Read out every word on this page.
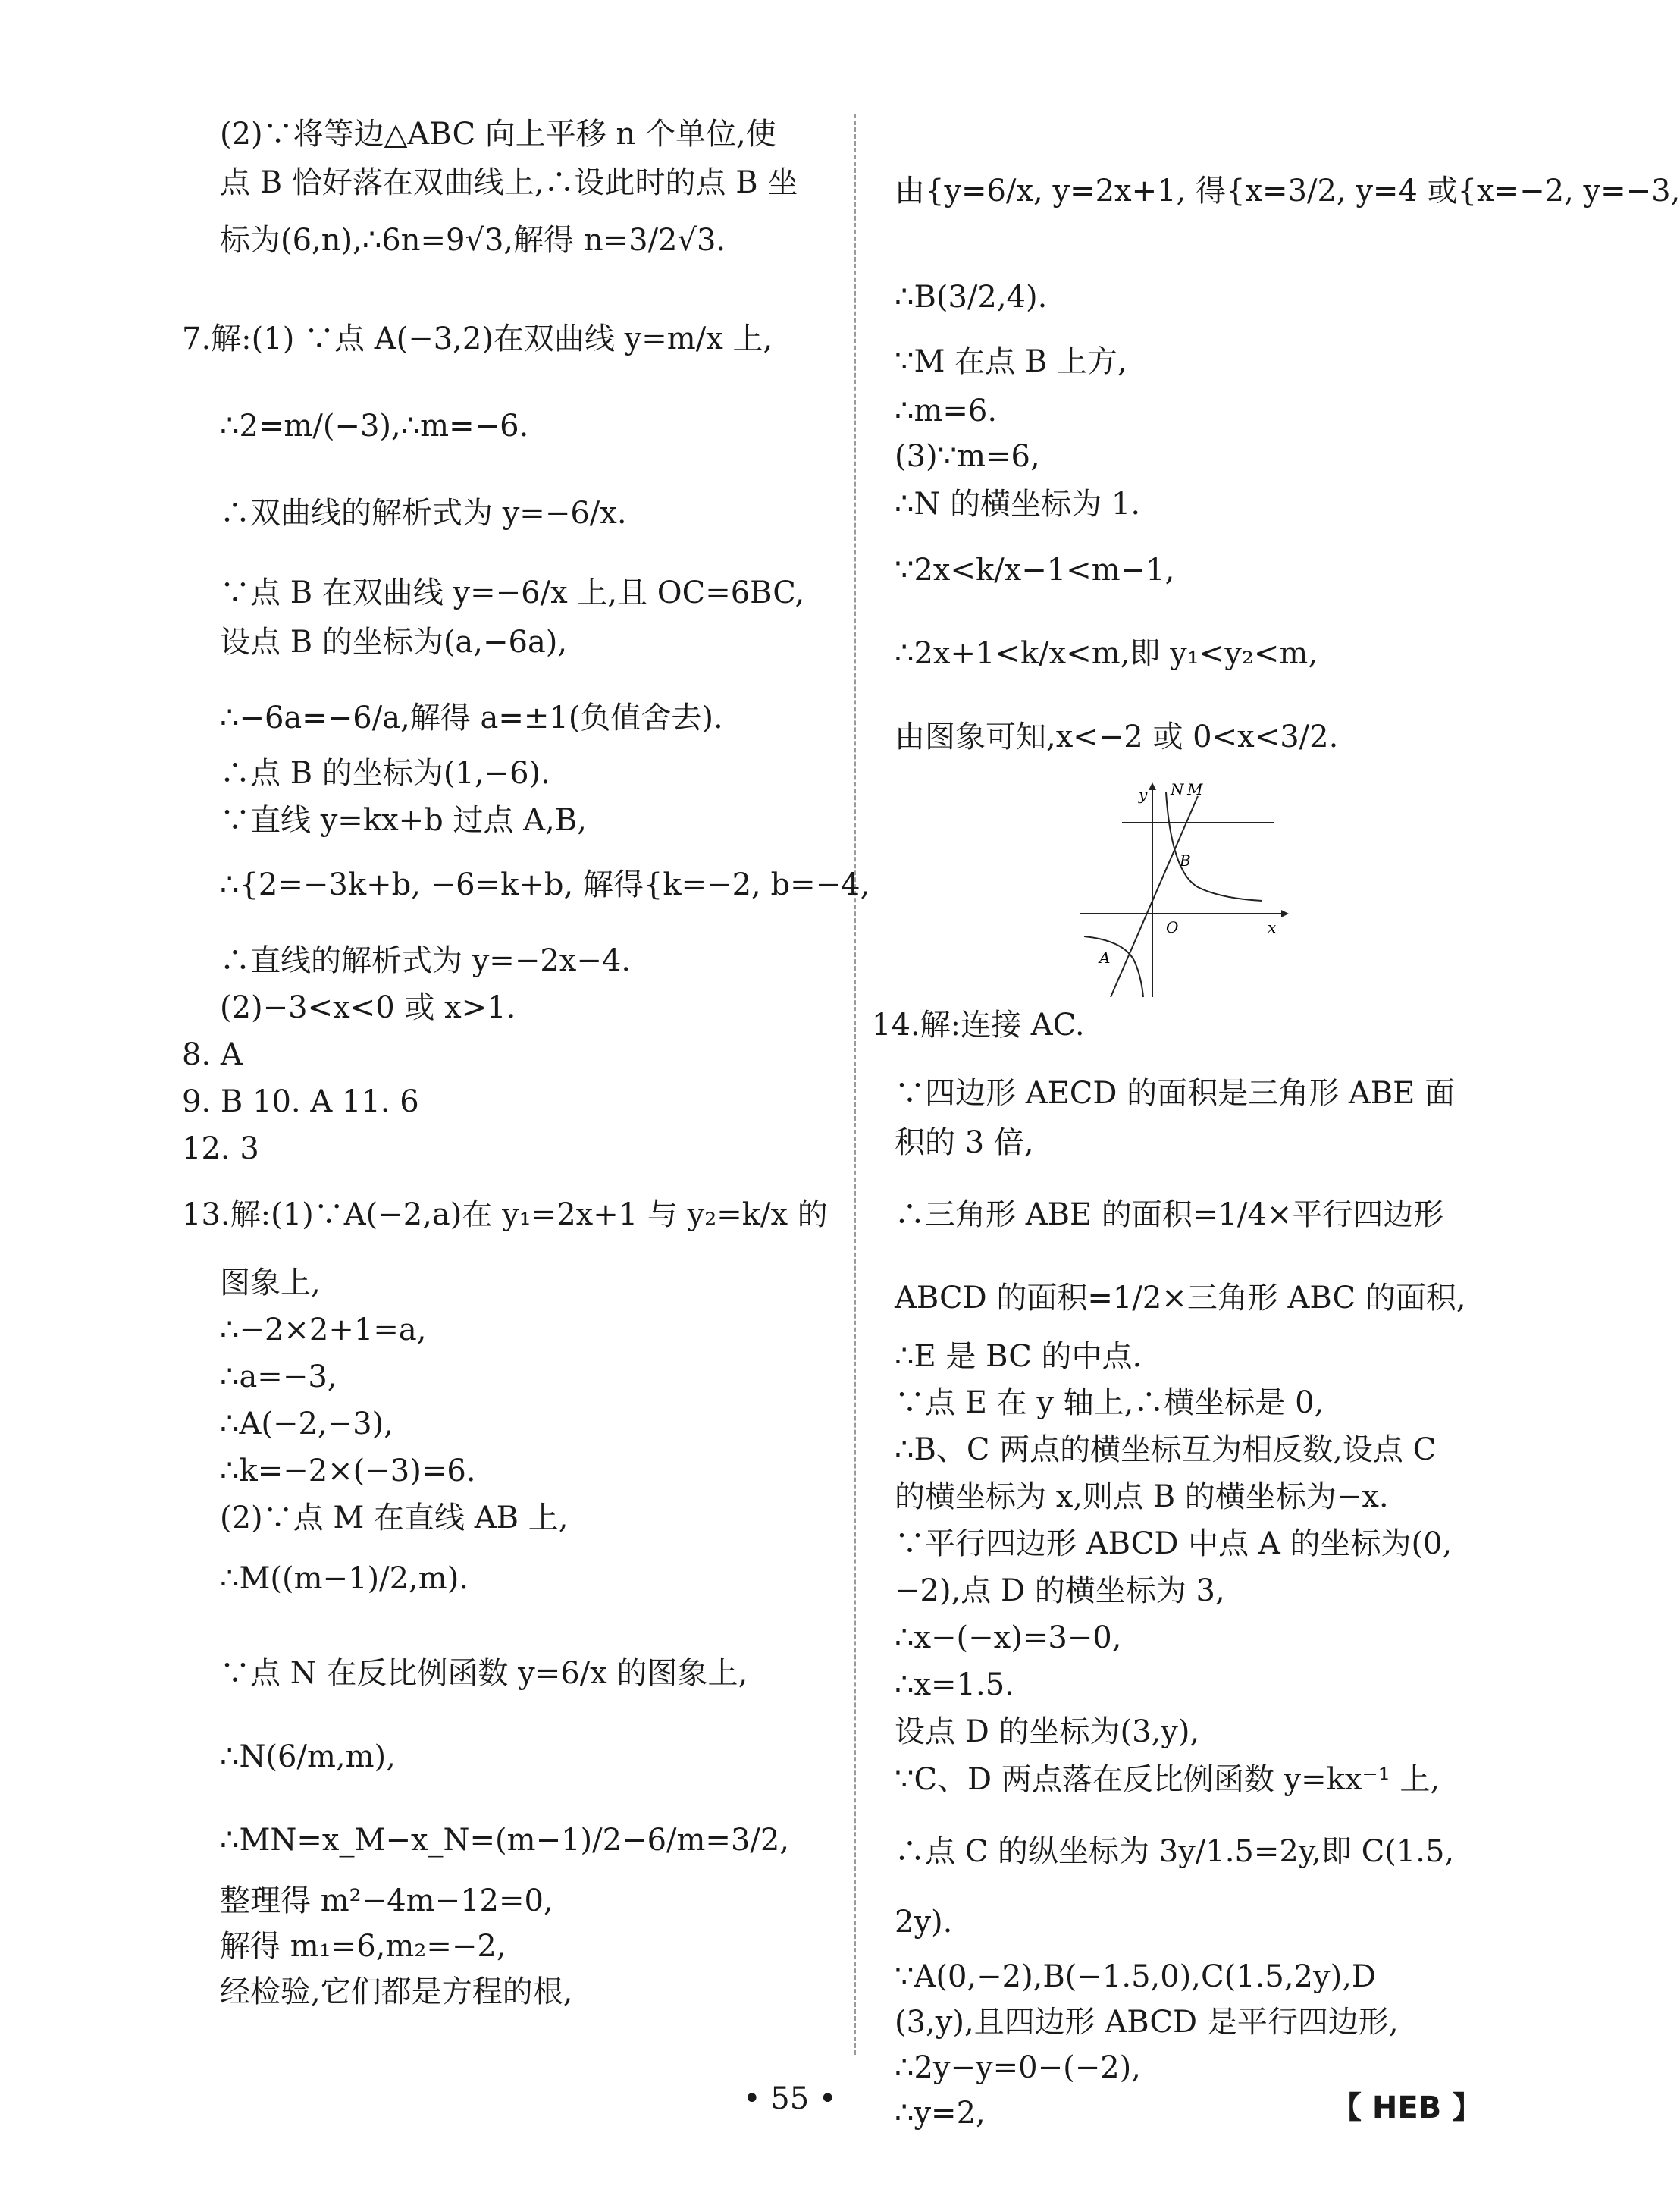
(2)∵将等边△ABC 向上平移 n 个单位,使
点 B 恰好落在双曲线上,∴设此时的点 B 坐
标为(6,n),∴6n=9√3,解得 n=3/2√3.
7.解:(1) ∵点 A(−3,2)在双曲线 y=m/x 上,
∴2=m/(−3),∴m=−6.
∴双曲线的解析式为 y=−6/x.
∵点 B 在双曲线 y=−6/x 上,且 OC=6BC,
设点 B 的坐标为(a,−6a),
∴−6a=−6/a,解得 a=±1(负值舍去).
∴点 B 的坐标为(1,−6).
∵直线 y=kx+b 过点 A,B,
∴{2=−3k+b, −6=k+b, 解得{k=−2, b=−4,
∴直线的解析式为 y=−2x−4.
(2)−3<x<0 或 x>1.
8. A
9. B 10. A 11. 6
12. 3
13.解:(1)∵A(−2,a)在 y₁=2x+1 与 y₂=k/x 的
图象上,
∴−2×2+1=a,
∴a=−3,
∴A(−2,−3),
∴k=−2×(−3)=6.
(2)∵点 M 在直线 AB 上,
∴M((m−1)/2,m).
∵点 N 在反比例函数 y=6/x 的图象上,
∴N(6/m,m),
∴MN=x_M−x_N=(m−1)/2−6/m=3/2,
整理得 m²−4m−12=0,
解得 m₁=6,m₂=−2,
经检验,它们都是方程的根,
由{y=6/x, y=2x+1, 得{x=3/2, y=4 或{x=−2, y=−3,
∴B(3/2,4).
∵M 在点 B 上方,
∴m=6.
(3)∵m=6,
∴N 的横坐标为 1.
∵2x<k/x−1<m−1,
∴2x+1<k/x<m,即 y₁<y₂<m,
由图象可知,x<−2 或 0<x<3/2.
14.解:连接 AC.
∵四边形 AECD 的面积是三角形 ABE 面
积的 3 倍,
∴三角形 ABE 的面积=1/4×平行四边形
ABCD 的面积=1/2×三角形 ABC 的面积,
∴E 是 BC 的中点.
∵点 E 在 y 轴上,∴横坐标是 0,
∴B、C 两点的横坐标互为相反数,设点 C
的横坐标为 x,则点 B 的横坐标为−x.
∵平行四边形 ABCD 中点 A 的坐标为(0,
−2),点 D 的横坐标为 3,
∴x−(−x)=3−0,
∴x=1.5.
设点 D 的坐标为(3,y),
∵C、D 两点落在反比例函数 y=kx⁻¹ 上,
∴点 C 的纵坐标为 3y/1.5=2y,即 C(1.5,
2y).
∵A(0,−2),B(−1.5,0),C(1.5,2y),D
(3,y),且四边形 ABCD 是平行四边形,
∴2y−y=0−(−2),
∴y=2,
y N M
B
O	x
A
• 55 •	【 HEB 】
